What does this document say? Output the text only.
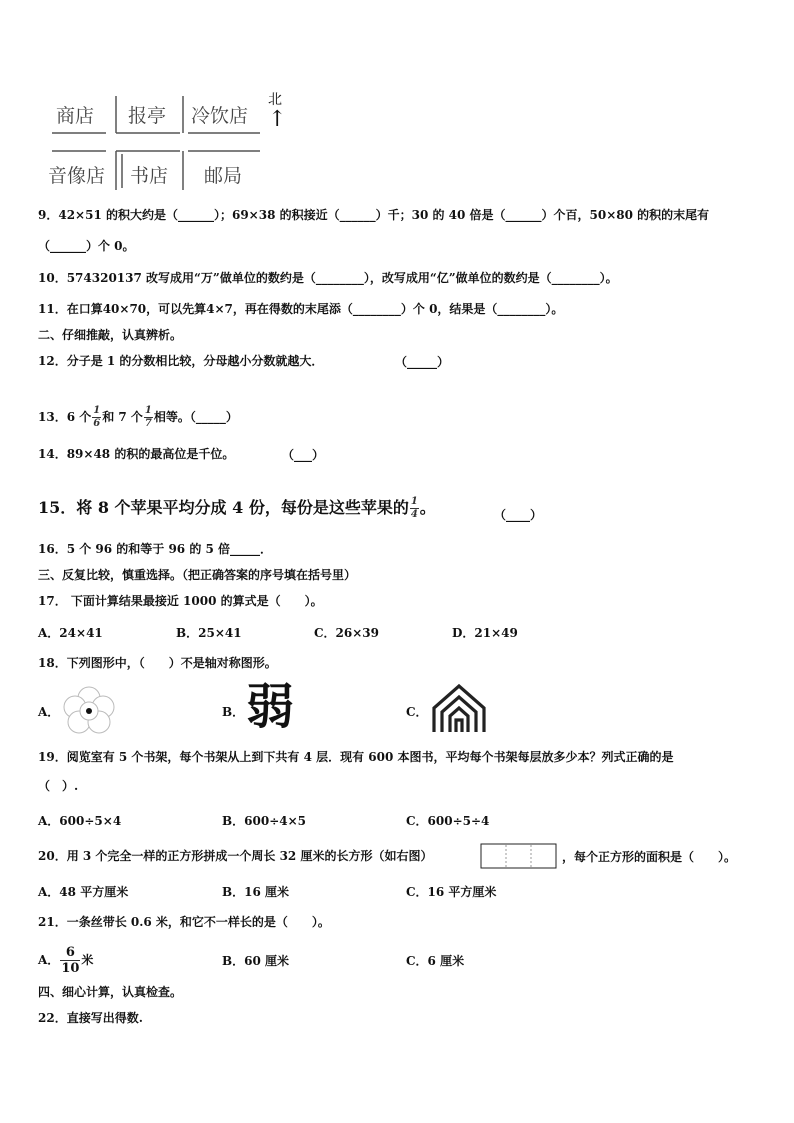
商店 报亭 冷饮店
音像店 书店 邮局
北
↑
9．42×51 的积大约是（______）；69×38 的积接近（______）千；30 的 40 倍是（______）个百，50×80 的积的末尾有
（______）个 0。
10．574320137 改写成用“万”做单位的数约是（________），改写成用“亿”做单位的数约是（________）。
11．在口算40×70，可以先算4×7，再在得数的末尾添（________）个 0，结果是（________）。
二、仔细推敲，认真辨析。
12．分子是 1 的分数相比较，分母越小分数就越大．	（_____）
13．6 个 $\frac{1}{6}$ 和 7 个 $\frac{1}{7}$ 相等。（_____）
14．89×48 的积的最高位是千位。	（___）
15．将 8 个苹果平均分成 4 份，每份是这些苹果的 $\frac{1}{4}$ 。	（____）
16．5 个 96 的和等于 96 的 5 倍_____．
三、反复比较，慎重选择。（把正确答案的序号填在括号里）
17． 下面计算结果最接近 1000 的算式是（　　）。
A．24×41	B．25×41	C．26×39	D．21×49
18．下列图形中，（　　）不是轴对称图形。
A．	B． 弱	C．
19．阅览室有 5 个书架，每个书架从上到下共有 4 层．现有 600 本图书，平均每个书架每层放多少本？列式正确的是
（　）.
A．600÷5×4	B．600÷4×5	C．600÷5÷4
20．用 3 个完全一样的正方形拼成一个周长 32 厘米的长方形（如右图）	，每个正方形的面积是（　　）。
A．48 平方厘米	B．16 厘米	C．16 平方厘米
21．一条丝带长 0.6 米，和它不一样长的是（　　）。
A． $\frac{6}{10}$ 米	B．60 厘米	C．6 厘米
四、细心计算，认真检查。
22．直接写出得数.
